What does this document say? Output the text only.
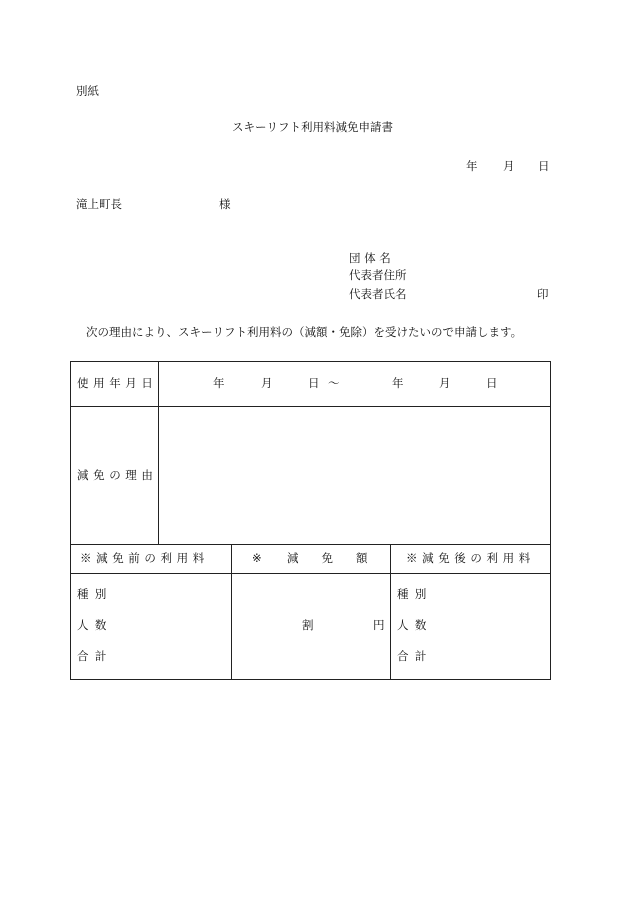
別紙
スキーリフト利用料減免申請書
年 月 日
滝上町長	様
団 体 名
代表者住所
代表者氏名	印
次の理由により、スキーリフト利用料の（減額・免除）を受けたいので申請します。
使用年月日	年	月	日 ～	年	月	日
減免の理由
※減免前の利用料	※ 減　　免　　額	※減免後の利用料
種別
人数
合計
割	円
種別
人数
合計
